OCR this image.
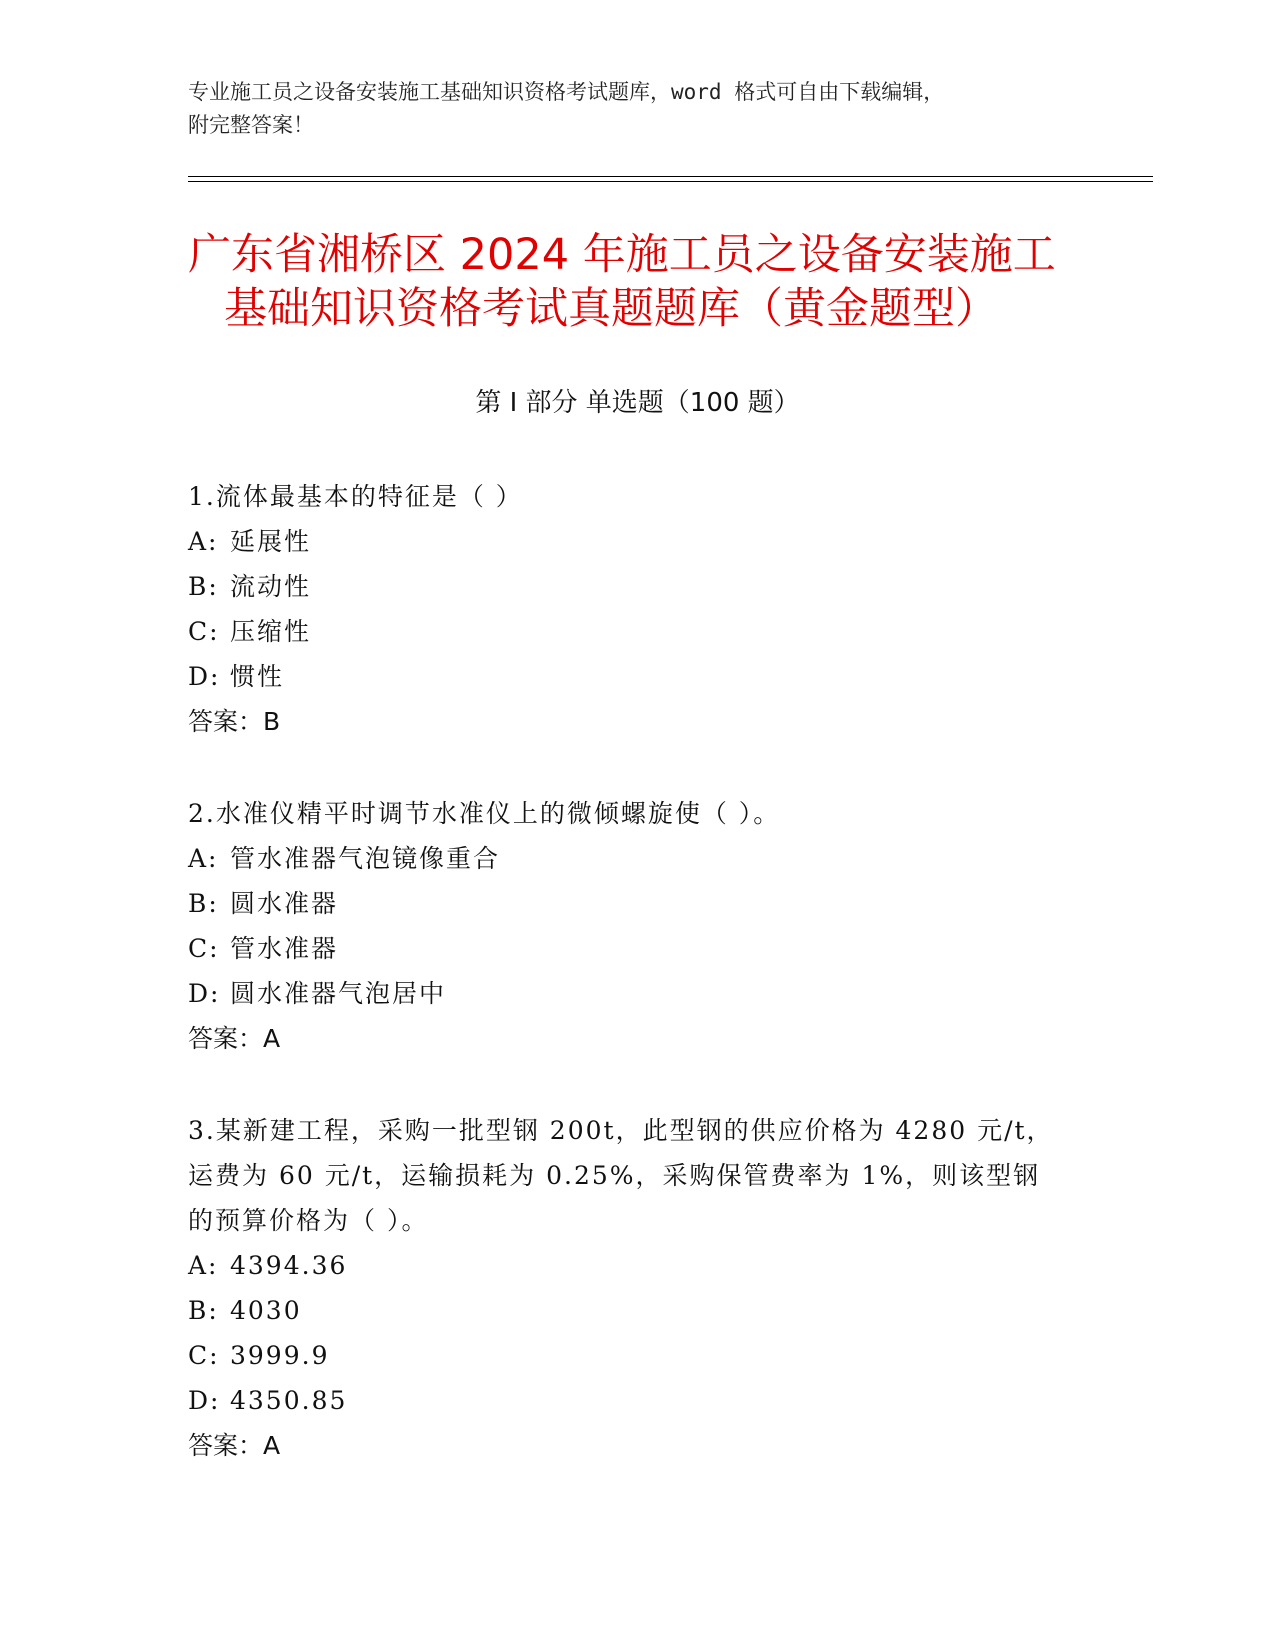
专业施工员之设备安装施工基础知识资格考试题库，word 格式可自由下载编辑，
附完整答案！
广东省湘桥区 2024 年施工员之设备安装施工
基础知识资格考试真题题库（黄金题型）
第 I 部分 单选题（100 题）
1.流体最基本的特征是（ ）
A: 延展性
B: 流动性
C: 压缩性
D: 惯性
答案：B
2.水准仪精平时调节水准仪上的微倾螺旋使（ ）。
A: 管水准器气泡镜像重合
B: 圆水准器
C: 管水准器
D: 圆水准器气泡居中
答案：A
3.某新建工程，采购一批型钢 200t，此型钢的供应价格为 4280 元/t，
运费为 60 元/t，运输损耗为 0.25%，采购保管费率为 1%，则该型钢
的预算价格为（ ）。
A: 4394.36
B: 4030
C: 3999.9
D: 4350.85
答案：A
